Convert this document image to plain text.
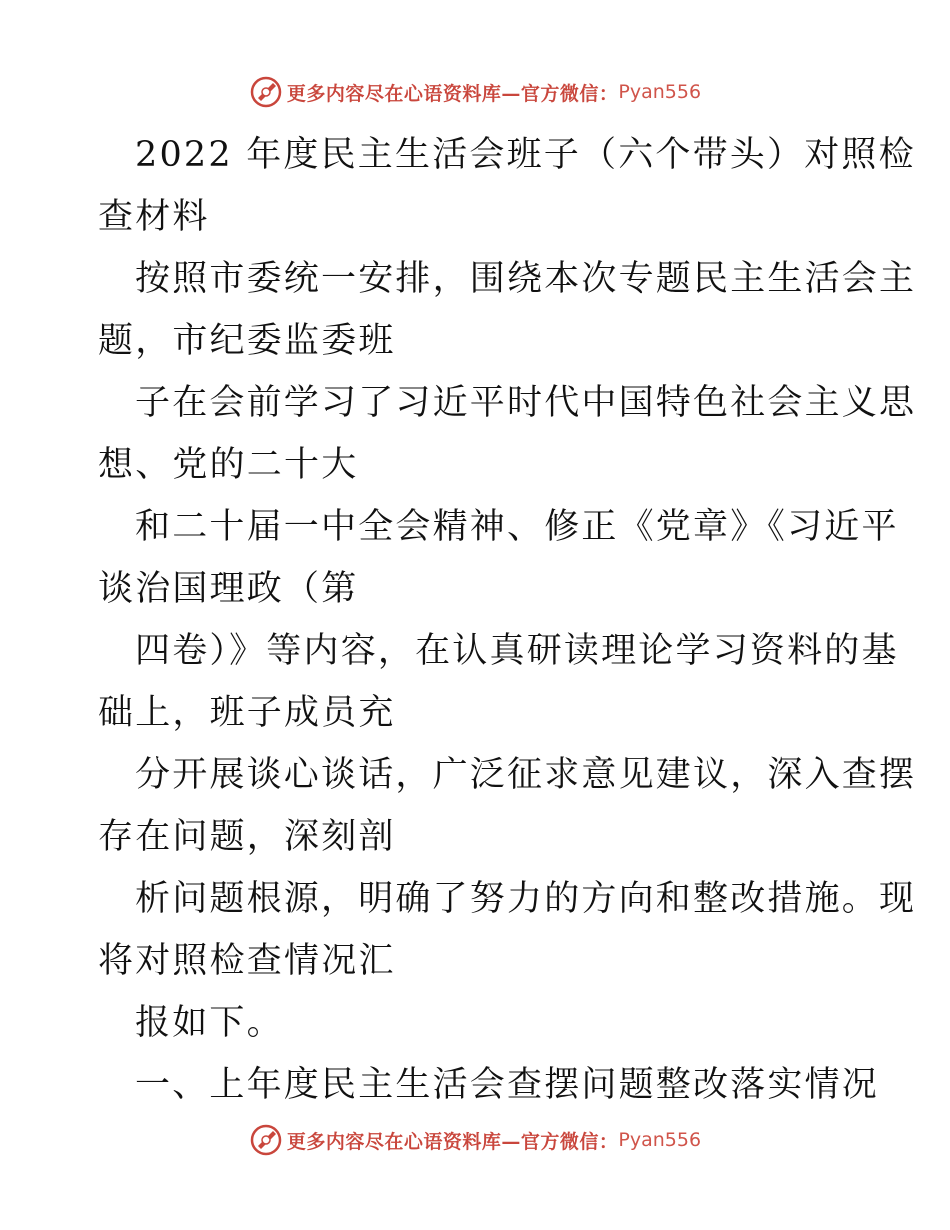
更多内容尽在心语资料库—官方微信： Pyan556
2022 年度民主生活会班子（六个带头）对照检
查材料
按照市委统一安排，围绕本次专题民主生活会主
题，市纪委监委班
子在会前学习了习近平时代中国特色社会主义思
想、党的二十大
和二十届一中全会精神、修正《党章》《习近平
谈治国理政（第
四卷）》等内容，在认真研读理论学习资料的基
础上，班子成员充
分开展谈心谈话，广泛征求意见建议，深入查摆
存在问题，深刻剖
析问题根源，明确了努力的方向和整改措施。现
将对照检查情况汇
报如下。
一、上年度民主生活会查摆问题整改落实情况
更多内容尽在心语资料库—官方微信： Pyan556
